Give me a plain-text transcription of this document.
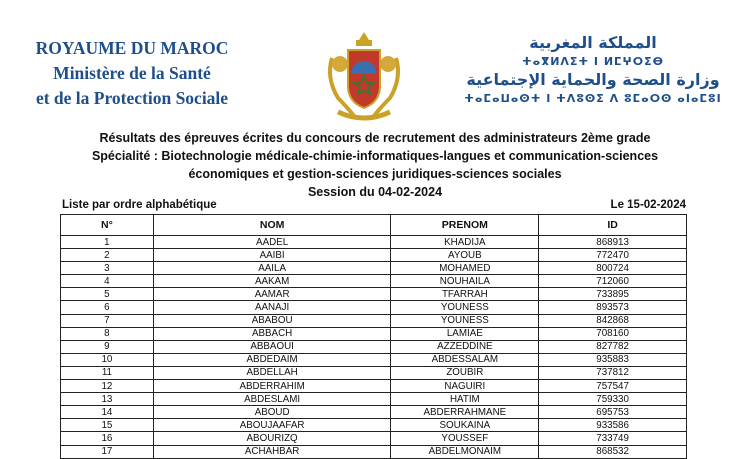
ROYAUME DU MAROC
Ministère de la Santé
et de la Protection Sociale
المملكة المغربية
ⵜⴰⴳⵍⴷⵉⵜ ⵏ ⵍⵎⵖⵔⵉⴱ
وزارة الصحة والحماية الإجتماعية
ⵜⴰⵎⴰⵡⴰⵙⵜ ⵏ ⵜⴷⵓⵙⵉ ⴷ ⵓⵎⴰⵔⵙ ⴰⵏⴰⵎⵓⵏ
Résultats des épreuves écrites du concours de recrutement des administrateurs 2ème grade
Spécialité : Biotechnologie médicale-chimie-informatiques-langues et communication-sciences
économiques et gestion-sciences juridiques-sciences sociales
Session du 04-02-2024
Liste par ordre alphabétique	Le 15-02-2024
N°	NOM	PRENOM	ID
1	AADEL	KHADIJA	868913
2	AAIBI	AYOUB	772470
3	AAILA	MOHAMED	800724
4	AAKAM	NOUHAILA	712060
5	AAMAR	TFARRAH	733895
6	AANAJI	YOUNESS	893573
7	ABABOU	YOUNESS	842868
8	ABBACH	LAMIAE	708160
9	ABBAOUI	AZZEDDINE	827782
10	ABDEDAIM	ABDESSALAM	935883
11	ABDELLAH	ZOUBIR	737812
12	ABDERRAHIM	NAGUIRI	757547
13	ABDESLAMI	HATIM	759330
14	ABOUD	ABDERRAHMANE	695753
15	ABOUJAAFAR	SOUKAINA	933586
16	ABOURIZQ	YOUSSEF	733749
17	ACHAHBAR	ABDELMONAIM	868532
